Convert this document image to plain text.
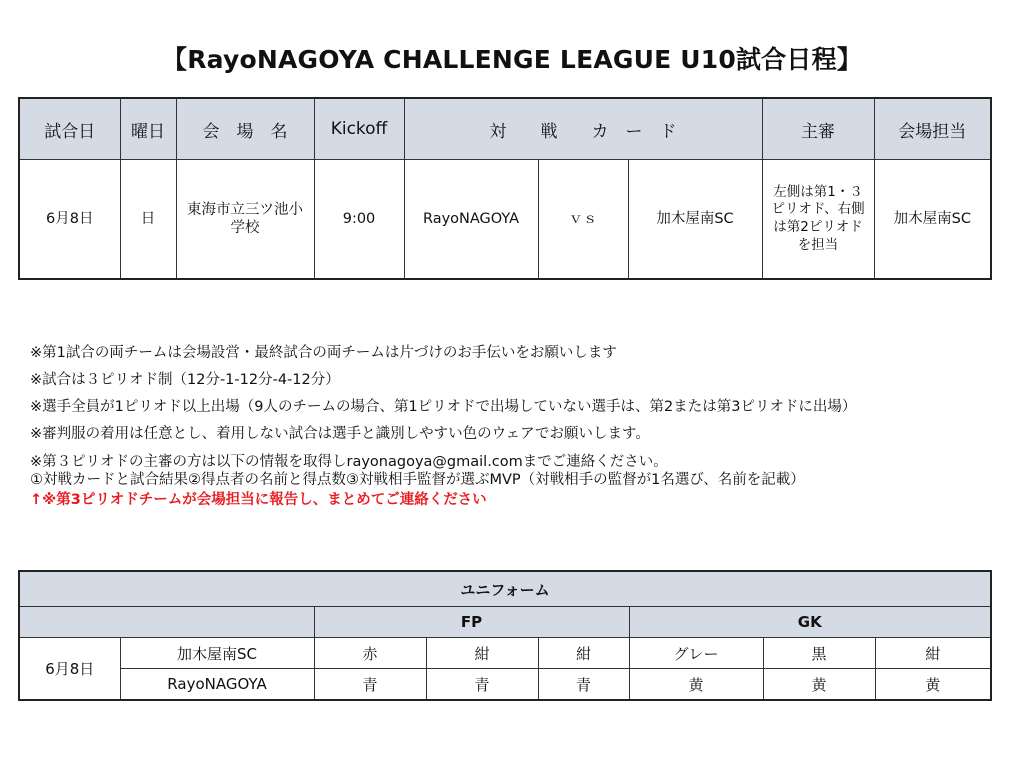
【RayoNAGOYA CHALLENGE LEAGUE U10試合日程】
試合日	曜日	会　場　名	Kickoff	対　　戦　　カ　ー　ド			主審	会場担当
6月8日	日	東海市立三ツ池小学校	9:00	RayoNAGOYA	ｖｓ	加木屋南SC	左側は第1・３ピリオド、右側は第2ピリオドを担当	加木屋南SC

※第1試合の両チームは会場設営・最終試合の両チームは片づけのお手伝いをお願いします

※試合は３ピリオド制（12分-1-12分-4-12分）

※選手全員が1ピリオド以上出場（9人のチームの場合、第1ピリオドで出場していない選手は、第2または第3ピリオドに出場）

※審判服の着用は任意とし、着用しない試合は選手と識別しやすい色のウェアでお願いします。

※第３ピリオドの主審の方は以下の情報を取得しrayonagoya@gmail.comまでご連絡ください。

①対戦カードと試合結果②得点者の名前と得点数③対戦相手監督が選ぶMVP（対戦相手の監督が1名選び、名前を記載）

↑※第3ピリオドチームが会場担当に報告し、まとめてご連絡ください

ユニフォーム							
		FP			GK		
6月8日	加木屋南SC	赤	紺	紺	グレー	黒	紺
	RayoNAGOYA	青	青	青	黄	黄	黄
